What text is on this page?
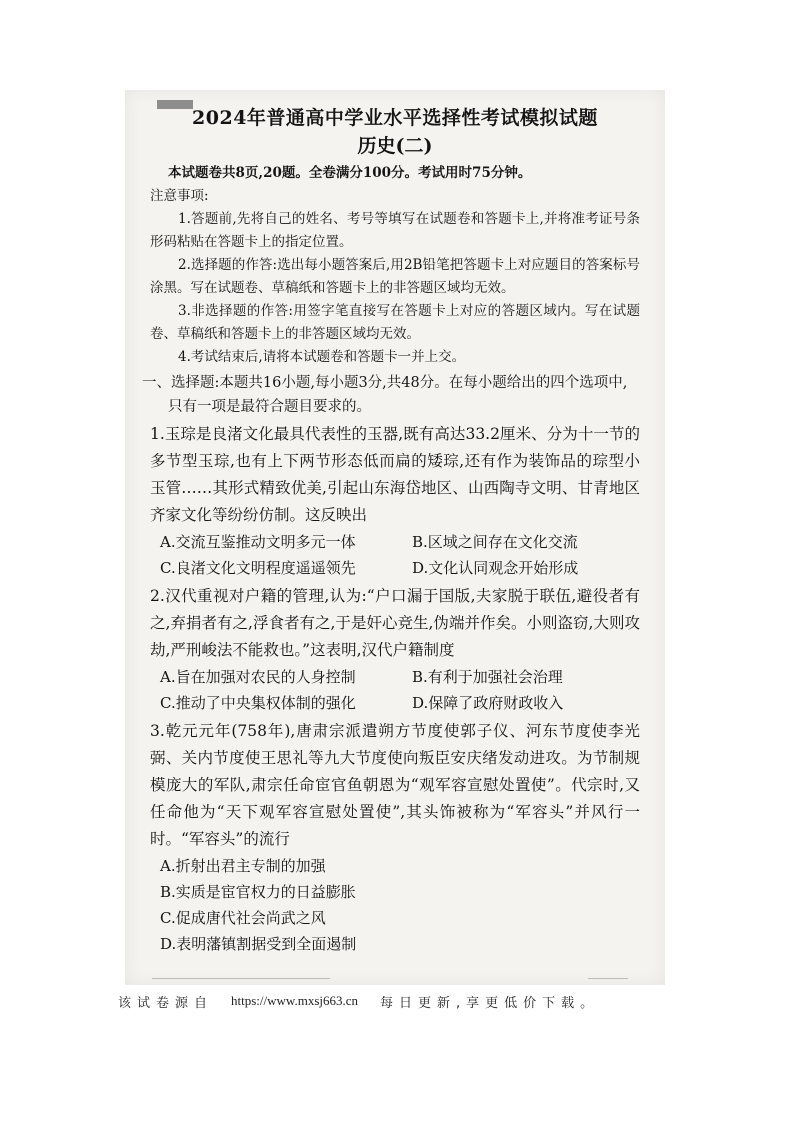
2024年普通高中学业水平选择性考试模拟试题
历史(二)

本试题卷共8页,20题。全卷满分100分。考试用时75分钟。

注意事项:

1.答题前,先将自己的姓名、考号等填写在试题卷和答题卡上,并将准考证号条形码粘贴在答题卡上的指定位置。

2.选择题的作答:选出每小题答案后,用2B铅笔把答题卡上对应题目的答案标号涂黑。写在试题卷、草稿纸和答题卡上的非答题区域均无效。

3.非选择题的作答:用签字笔直接写在答题卡上对应的答题区域内。写在试题卷、草稿纸和答题卡上的非答题区域均无效。

4.考试结束后,请将本试题卷和答题卡一并上交。

一、选择题:本题共16小题,每小题3分,共48分。在每小题给出的四个选项中,只有一项是最符合题目要求的。

1.玉琮是良渚文化最具代表性的玉器,既有高达33.2厘米、分为十一节的多节型玉琮,也有上下两节形态低而扁的矮琮,还有作为装饰品的琮型小玉管……其形式精致优美,引起山东海岱地区、山西陶寺文明、甘青地区齐家文化等纷纷仿制。这反映出

A.交流互鉴推动文明多元一体	B.区域之间存在文化交流
C.良渚文化文明程度遥遥领先	D.文化认同观念开始形成

2.汉代重视对户籍的管理,认为:“户口漏于国版,夫家脱于联伍,避役者有之,弃捐者有之,浮食者有之,于是奸心竞生,伪端并作矣。小则盗窃,大则攻劫,严刑峻法不能救也。”这表明,汉代户籍制度

A.旨在加强对农民的人身控制	B.有利于加强社会治理
C.推动了中央集权体制的强化	D.保障了政府财政收入

3.乾元元年(758年),唐肃宗派遣朔方节度使郭子仪、河东节度使李光弼、关内节度使王思礼等九大节度使向叛臣安庆绪发动进攻。为节制规模庞大的军队,肃宗任命宦官鱼朝恩为“观军容宣慰处置使”。代宗时,又任命他为“天下观军容宣慰处置使”,其头饰被称为“军容头”并风行一时。“军容头”的流行

A.折射出君主专制的加强
B.实质是宦官权力的日益膨胀
C.促成唐代社会尚武之风
D.表明藩镇割据受到全面遏制
该试卷源自 https://www.mxsj663.cn 每日更新,享更低价下载。
